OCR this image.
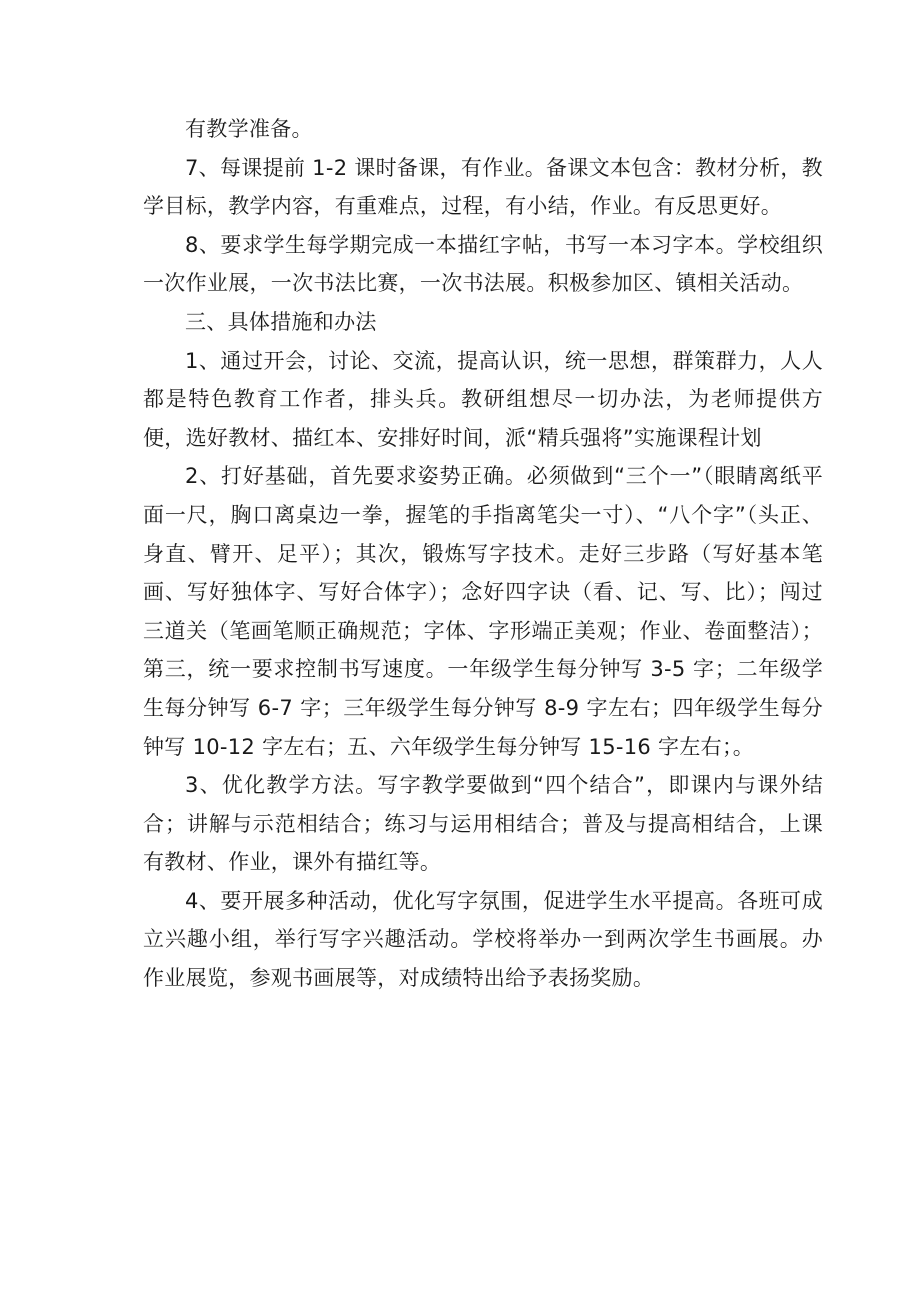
有教学准备。

7、每课提前 1-2 课时备课，有作业。备课文本包含：教材分析，教学目标，教学内容，有重难点，过程，有小结，作业。有反思更好。

8、要求学生每学期完成一本描红字帖，书写一本习字本。学校组织一次作业展，一次书法比赛，一次书法展。积极参加区、镇相关活动。

三、具体措施和办法

1、通过开会，讨论、交流，提高认识，统一思想，群策群力，人人都是特色教育工作者，排头兵。教研组想尽一切办法，为老师提供方便，选好教材、描红本、安排好时间，派“精兵强将”实施课程计划

2、打好基础，首先要求姿势正确。必须做到“三个一”（眼睛离纸平面一尺，胸口离桌边一拳，握笔的手指离笔尖一寸）、“八个字”（头正、身直、臂开、足平）；其次，锻炼写字技术。走好三步路（写好基本笔画、写好独体字、写好合体字）；念好四字诀（看、记、写、比）；闯过三道关（笔画笔顺正确规范；字体、字形端正美观；作业、卷面整洁）；第三，统一要求控制书写速度。一年级学生每分钟写 3-5 字；二年级学生每分钟写 6-7 字；三年级学生每分钟写 8-9 字左右；四年级学生每分钟写 10-12 字左右；五、六年级学生每分钟写 15-16 字左右；。

3、优化教学方法。写字教学要做到“四个结合”，即课内与课外结合；讲解与示范相结合；练习与运用相结合；普及与提高相结合，上课有教材、作业，课外有描红等。

4、要开展多种活动，优化写字氛围，促进学生水平提高。各班可成立兴趣小组，举行写字兴趣活动。学校将举办一到两次学生书画展。办作业展览，参观书画展等，对成绩特出给予表扬奖励。
